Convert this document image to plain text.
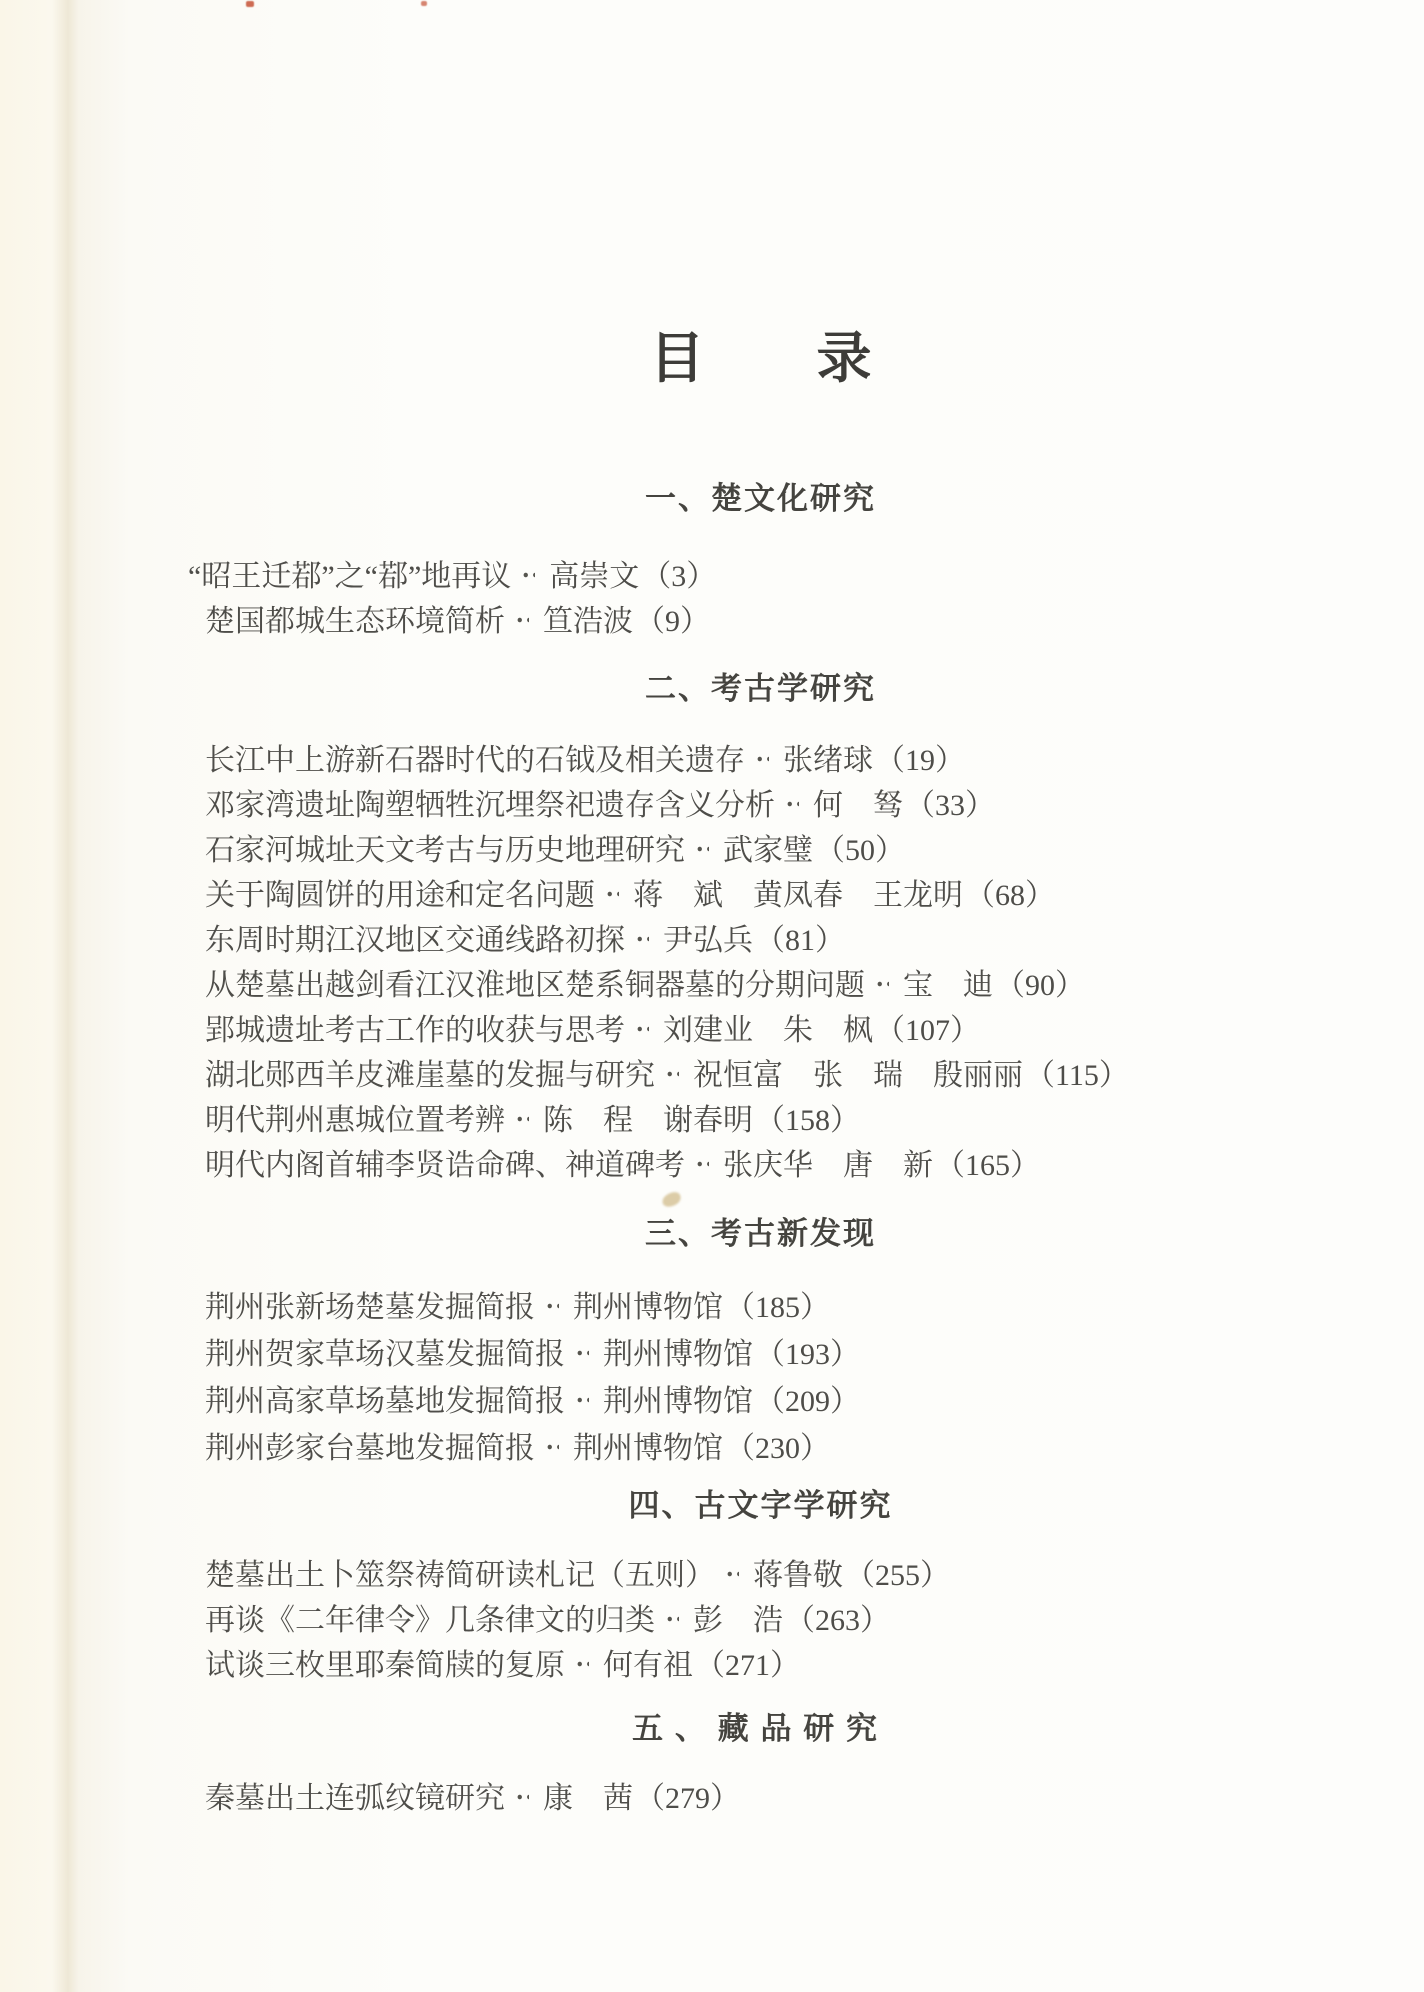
目 录
一、楚文化研究
“昭王迁鄀”之“鄀”地再议 高崇文（3）
楚国都城生态环境简析 笪浩波（9）
二、考古学研究
长江中上游新石器时代的石钺及相关遗存 张绪球（19）
邓家湾遗址陶塑牺牲沉埋祭祀遗存含义分析 何　驽（33）
石家河城址天文考古与历史地理研究 武家璧（50）
关于陶圆饼的用途和定名问题 蒋　斌　黄凤春　王龙明（68）
东周时期江汉地区交通线路初探 尹弘兵（81）
从楚墓出越剑看江汉淮地区楚系铜器墓的分期问题 宝　迪（90）
郢城遗址考古工作的收获与思考 刘建业　朱　枫（107）
湖北郧西羊皮滩崖墓的发掘与研究 祝恒富　张　瑞　殷丽丽（115）
明代荆州惠城位置考辨 陈　程　谢春明（158）
明代内阁首辅李贤诰命碑、神道碑考 张庆华　唐　新（165）
三、考古新发现
荆州张新场楚墓发掘简报 荆州博物馆（185）
荆州贺家草场汉墓发掘简报 荆州博物馆（193）
荆州高家草场墓地发掘简报 荆州博物馆（209）
荆州彭家台墓地发掘简报 荆州博物馆（230）
四、古文字学研究
楚墓出土卜筮祭祷简研读札记（五则） 蒋鲁敬（255）
再谈《二年律令》几条律文的归类 彭　浩（263）
试谈三枚里耶秦简牍的复原 何有祖（271）
五、藏品研究
秦墓出土连弧纹镜研究 康　茜（279）
